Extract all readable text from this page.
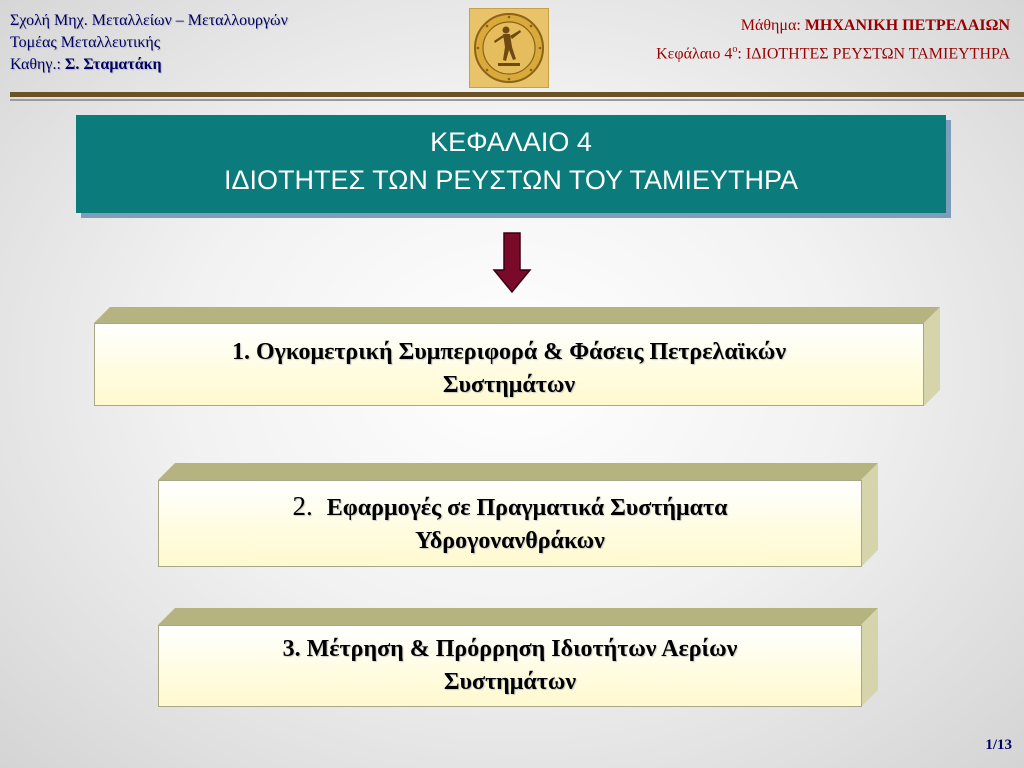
Σχολή Μηχ. Μεταλλείων – Μεταλλουργών
Τομέας Μεταλλευτικής
Καθηγ.: Σ. Σταματάκη
Μάθημα: ΜΗΧΑΝΙΚΗ ΠΕΤΡΕΛΑΙΩΝ
Κεφάλαιο $4^o$: ΙΔΙΟΤΗΤΕΣ ΡΕΥΣΤΩΝ ΤΑΜΙΕΥΤΗΡΑ
ΚΕΦΑΛΑΙΟ 4
ΙΔΙΟΤΗΤΕΣ ΤΩΝ ΡΕΥΣΤΩΝ ΤΟΥ ΤΑΜΙΕΥΤΗΡΑ
1. Ογκομετρική Συμπεριφορά & Φάσεις Πετρελαϊκών
Συστημάτων
2. Εφαρμογές σε Πραγματικά Συστήματα
Υδρογονανθράκων
3. Μέτρηση & Πρόρρηση Ιδιοτήτων Αερίων
Συστημάτων
1/13
